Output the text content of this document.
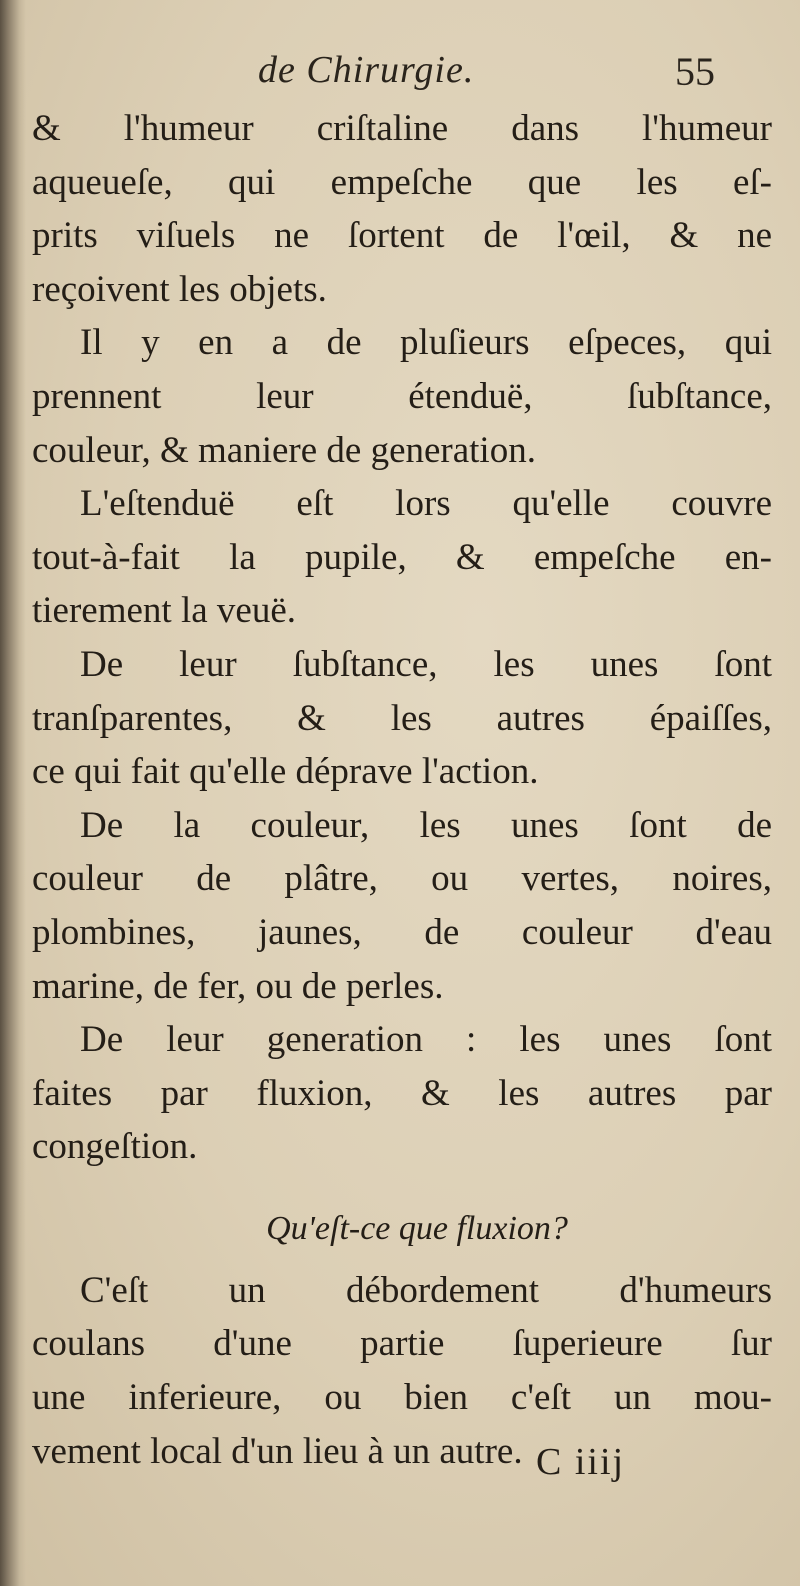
de Chirurgie.	55
& l'humeur criſtaline dans l'humeur
aqueueſe, qui empeſche que les eſ-
prits viſuels ne ſortent de l'œil, & ne
reçoivent les objets.
Il y en a de pluſieurs eſpeces, qui
prennent leur étenduë, ſubſtance,
couleur, & maniere de generation.
L'eſtenduë eſt lors qu'elle couvre
tout-à-fait la pupile, & empeſche en-
tierement la veuë.
De leur ſubſtance, les unes ſont
tranſparentes, & les autres épaiſſes,
ce qui fait qu'elle déprave l'action.
De la couleur, les unes ſont de
couleur de plâtre, ou vertes, noires,
plombines, jaunes, de couleur d'eau
marine, de fer, ou de perles.
De leur generation : les unes ſont
faites par fluxion, & les autres par
congeſtion.
Qu'eſt-ce que fluxion?
C'eſt un débordement d'humeurs
coulans d'une partie ſuperieure ſur
une inferieure, ou bien c'eſt un mou-
vement local d'un lieu à un autre. C iiij
